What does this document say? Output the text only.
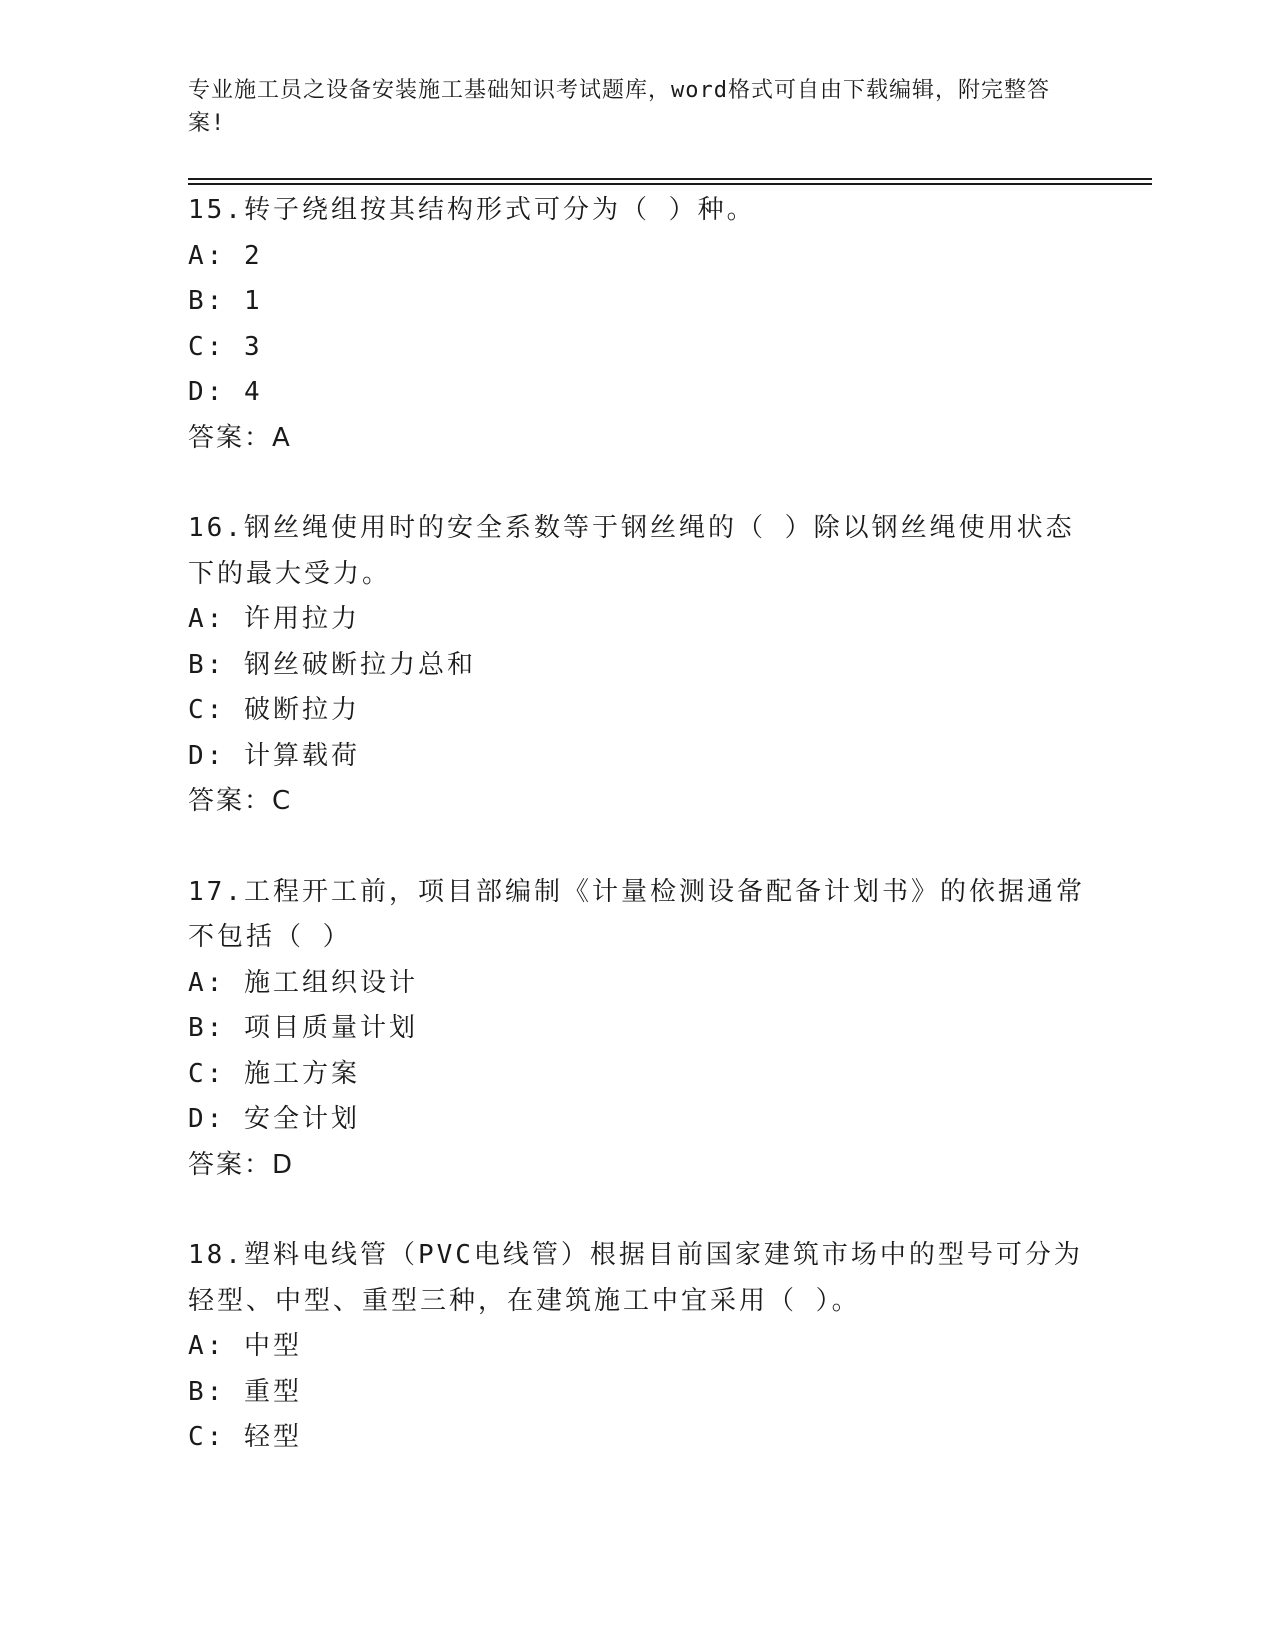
专业施工员之设备安装施工基础知识考试题库，word格式可自由下载编辑，附完整答案!
15.转子绕组按其结构形式可分为（ ）种。
A: 2
B: 1
C: 3
D: 4
答案：A
16.钢丝绳使用时的安全系数等于钢丝绳的（ ）除以钢丝绳使用状态下的最大受力。
A: 许用拉力
B: 钢丝破断拉力总和
C: 破断拉力
D: 计算载荷
答案：C
17.工程开工前，项目部编制《计量检测设备配备计划书》的依据通常不包括（ ）
A: 施工组织设计
B: 项目质量计划
C: 施工方案
D: 安全计划
答案：D
18.塑料电线管（PVC电线管）根据目前国家建筑市场中的型号可分为轻型、中型、重型三种，在建筑施工中宜采用（ ）。
A: 中型
B: 重型
C: 轻型
